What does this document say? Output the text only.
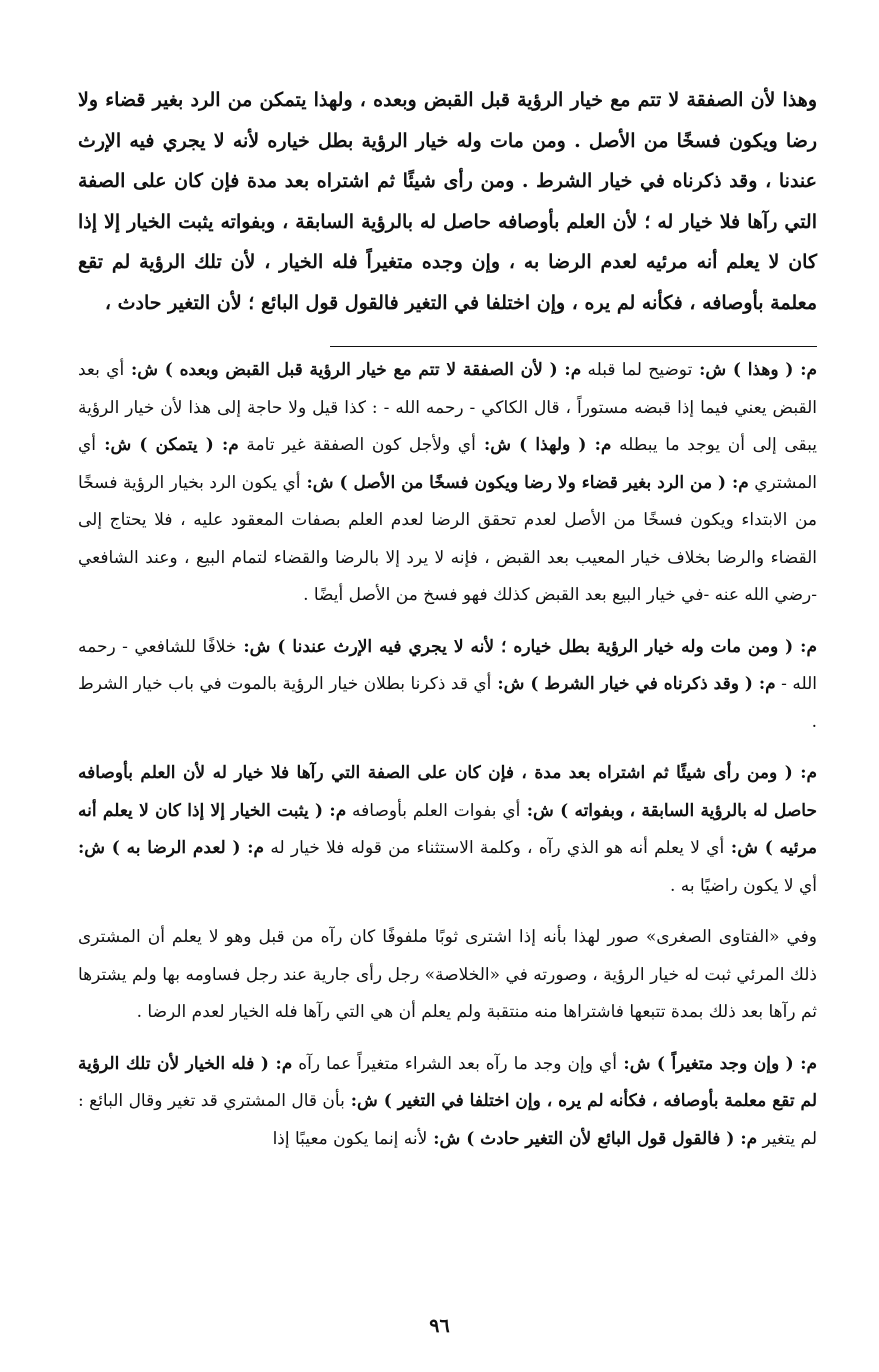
وهذا لأن الصفقة لا تتم مع خيار الرؤية قبل القبض وبعده ، ولهذا يتمكن من الرد بغير قضاء ولا رضا ويكون فسخًا من الأصل . ومن مات وله خيار الرؤية بطل خياره لأنه لا يجري فيه الإرث عندنا ، وقد ذكرناه في خيار الشرط . ومن رأى شيئًا ثم اشتراه بعد مدة فإن كان على الصفة التي رآها فلا خيار له ؛ لأن العلم بأوصافه حاصل له بالرؤية السابقة ، وبفواته يثبت الخيار إلا إذا كان لا يعلم أنه مرئيه لعدم الرضا به ، وإن وجده متغيراً فله الخيار ، لأن تلك الرؤية لم تقع معلمة بأوصافه ، فكأنه لم يره ، وإن اختلفا في التغير فالقول قول البائع ؛ لأن التغير حادث ،

م: ( وهذا ) ش: توضيح لما قبله م: ( لأن الصفقة لا تتم مع خيار الرؤية قبل القبض وبعده ) ش: أي بعد القبض يعني فيما إذا قبضه مستوراً ، قال الكاكي - رحمه الله - : كذا قيل ولا حاجة إلى هذا لأن خيار الرؤية يبقى إلى أن يوجد ما يبطله م: ( ولهذا ) ش: أي ولأجل كون الصفقة غير تامة م: ( يتمكن ) ش: أي المشتري م: ( من الرد بغير قضاء ولا رضا ويكون فسخًا من الأصل ) ش: أي يكون الرد بخيار الرؤية فسخًا من الابتداء ويكون فسخًا من الأصل لعدم تحقق الرضا لعدم العلم بصفات المعقود عليه ، فلا يحتاج إلى القضاء والرضا بخلاف خيار المعيب بعد القبض ، فإنه لا يرد إلا بالرضا والقضاء لتمام البيع ، وعند الشافعي -رضي الله عنه -في خيار البيع بعد القبض كذلك فهو فسخ من الأصل أيضًا .

م: ( ومن مات وله خيار الرؤية بطل خياره ؛ لأنه لا يجري فيه الإرث عندنا ) ش: خلافًا للشافعي - رحمه الله - م: ( وقد ذكرناه في خيار الشرط ) ش: أي قد ذكرنا بطلان خيار الرؤية بالموت في باب خيار الشرط .

م: ( ومن رأى شيئًا ثم اشتراه بعد مدة ، فإن كان على الصفة التي رآها فلا خيار له لأن العلم بأوصافه حاصل له بالرؤية السابقة ، وبفواته ) ش: أي بفوات العلم بأوصافه م: ( يثبت الخيار إلا إذا كان لا يعلم أنه مرئيه ) ش: أي لا يعلم أنه هو الذي رآه ، وكلمة الاستثناء من قوله فلا خيار له م: ( لعدم الرضا به ) ش: أي لا يكون راضيًا به .

وفي «الفتاوى الصغرى» صور لهذا بأنه إذا اشترى ثوبًا ملفوفًا كان رآه من قبل وهو لا يعلم أن المشترى ذلك المرئي ثبت له خيار الرؤية ، وصورته في «الخلاصة» رجل رأى جارية عند رجل فساومه بها ولم يشترها ثم رآها بعد ذلك بمدة تتبعها فاشتراها منه منتقبة ولم يعلم أن هي التي رآها فله الخيار لعدم الرضا .

م: ( وإن وجد متغيراً ) ش: أي وإن وجد ما رآه بعد الشراء متغيراً عما رآه م: ( فله الخيار لأن تلك الرؤية لم تقع معلمة بأوصافه ، فكأنه لم يره ، وإن اختلفا في التغير ) ش: بأن قال المشتري قد تغير وقال البائع : لم يتغير م: ( فالقول قول البائع لأن التغير حادث ) ش: لأنه إنما يكون معيبًا إذا

٩٦
